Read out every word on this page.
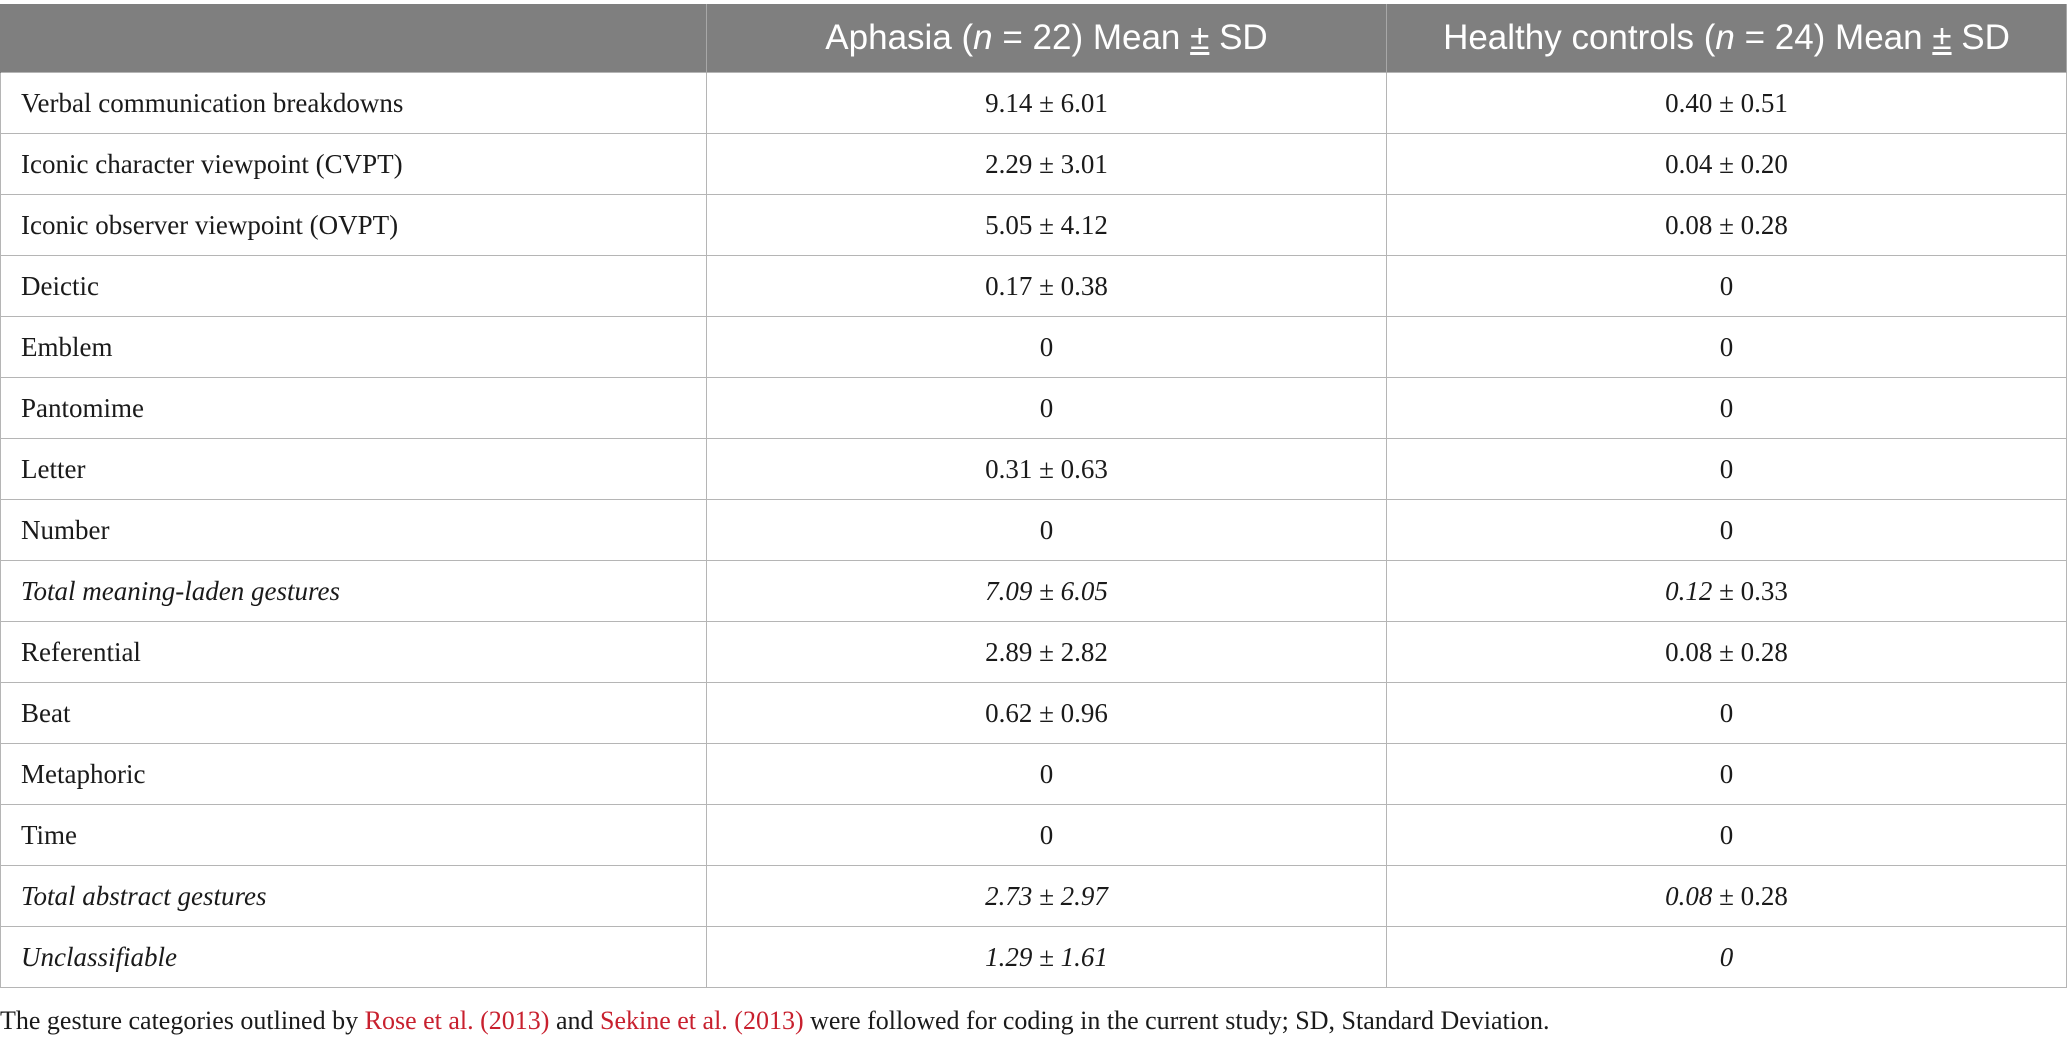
	Aphasia (n = 22) Mean ± SD	Healthy controls (n = 24) Mean ± SD
Verbal communication breakdowns	9.14 ± 6.01	0.40 ± 0.51
Iconic character viewpoint (CVPT)	2.29 ± 3.01	0.04 ± 0.20
Iconic observer viewpoint (OVPT)	5.05 ± 4.12	0.08 ± 0.28
Deictic	0.17 ± 0.38	0
Emblem	0	0
Pantomime	0	0
Letter	0.31 ± 0.63	0
Number	0	0
Total meaning-laden gestures	7.09 ± 6.05	0.12 ± 0.33
Referential	2.89 ± 2.82	0.08 ± 0.28
Beat	0.62 ± 0.96	0
Metaphoric	0	0
Time	0	0
Total abstract gestures	2.73 ± 2.97	0.08 ± 0.28
Unclassifiable	1.29 ± 1.61	0
The gesture categories outlined by Rose et al. (2013) and Sekine et al. (2013) were followed for coding in the current study; SD, Standard Deviation.
